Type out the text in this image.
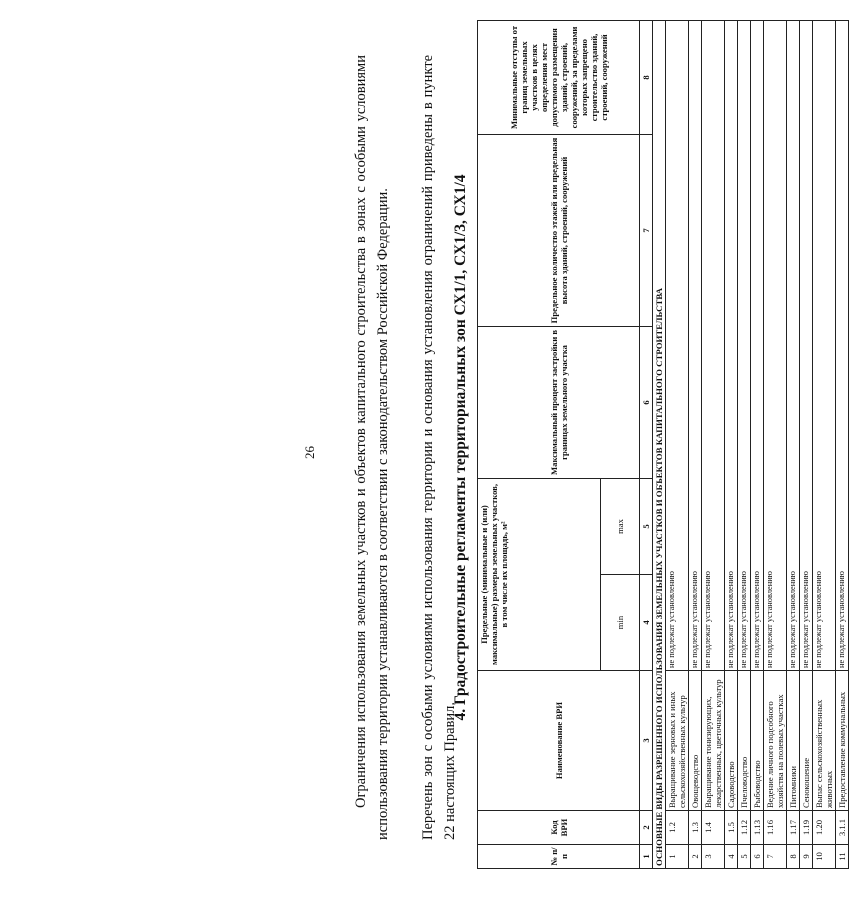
26 Ограничения использования земельных участков и объектов капитального строительства в зонах с особыми условиями использования территории устанавливаются в соответствии с законодательством Российской Федерации. Перечень зон с особыми условиями использования территории и основания установления ограничений приведены в пункте 22 настоящих Правил.

4. Градостроительные регламенты территориальных зон СХ1/1, СХ1/3, СХ1/4
№ п/п	Код ВРИ	Наименование ВРИ	Предельные (минимальные и (или) максимальные) размеры земельных участков, в том числе их площадь, м²		Максимальный процент застройки в границах земельного участка	Предельное количество этажей или предельная высота зданий, строений, сооружений	Минимальные отступы от границ земельных участков в целях определения мест допустимого размещения зданий, строений, сооружений, за пределами которых запрещено строительство зданий, строений, сооружений
			min	max			
1	2	3	4	5	6	7	8
ОСНОВНЫЕ ВИДЫ РАЗРЕШЕННОГО ИСПОЛЬЗОВАНИЯ ЗЕМЕЛЬНЫХ УЧАСТКОВ И ОБЪЕКТОВ КАПИТАЛЬНОГО СТРОИТЕЛЬСТВА							
1	1.2	Выращивание зерновых и иных сельскохозяйственных культур	не подлежат установлению				
2	1.3	Овощеводство	не подлежат установлению				
3	1.4	Выращивание тонизирующих, лекарственных, цветочных культур	не подлежат установлению				
4	1.5	Садоводство	не подлежат установлению				
5	1.12	Пчеловодство	не подлежат установлению				
6	1.13	Рыбоводство	не подлежат установлению				
7	1.16	Ведение личного подсобного хозяйства на полевых участках	не подлежат установлению				
8	1.17	Питомники	не подлежат установлению				
9	1.19	Сенокошение	не подлежат установлению				
10	1.20	Выпас сельскохозяйственных животных	не подлежат установлению				
11	3.1.1	Предоставление коммунальных	не подлежат установлению				
